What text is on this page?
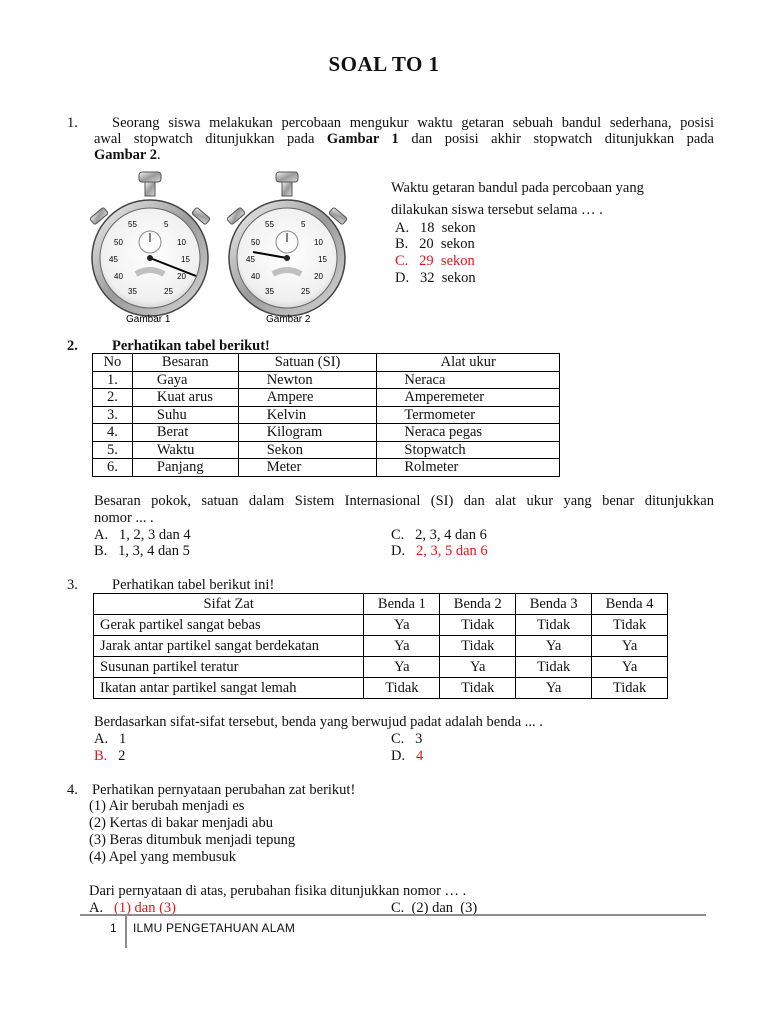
SOAL TO 1
1.	Seorang siswa melakukan percobaan mengukur waktu getaran sebuah bandul sederhana, posisi
awal stopwatch ditunjukkan pada Gambar 1 dan posisi akhir stopwatch ditunjukkan pada
Gambar 2.
55	5
50	10
45	15
40	20
35	25
55	5
50	10
45	15
40	20
35	25
Gambar 1	Gambar 2
Waktu getaran bandul pada percobaan yang
dilakukan siswa tersebut selama … .
A. 18  sekon
B. 20  sekon
C. 29  sekon
D. 32  sekon
2. Perhatikan tabel berikut!
No	Besaran	Satuan (SI)	Alat ukur
1.	Gaya	Newton	Neraca
2.	Kuat arus	Ampere	Amperemeter
3.	Suhu	Kelvin	Termometer
4.	Berat	Kilogram	Neraca pegas
5.	Waktu	Sekon	Stopwatch
6.	Panjang	Meter	Rolmeter
Besaran pokok, satuan dalam Sistem Internasional (SI) dan alat ukur yang benar ditunjukkan
nomor ... .
A. 1, 2, 3 dan 4
B. 1, 3, 4 dan 5
C. 2, 3, 4 dan 6
D. 2, 3, 5 dan 6
3. Perhatikan tabel berikut ini!
Sifat Zat	Benda 1	Benda 2	Benda 3	Benda 4
Gerak partikel sangat bebas	Ya	Tidak	Tidak	Tidak
Jarak antar partikel sangat berdekatan	Ya	Tidak	Ya	Ya
Susunan partikel teratur	Ya	Ya	Tidak	Ya
Ikatan antar partikel sangat lemah	Tidak	Tidak	Ya	Tidak
Berdasarkan sifat-sifat tersebut, benda yang berwujud padat adalah benda ... .
A. 1
B. 2
C. 3
D. 4
4. Perhatikan pernyataan perubahan zat berikut!
(1) Air berubah menjadi es
(2) Kertas di bakar menjadi abu
(3) Beras ditumbuk menjadi tepung
(4) Apel yang membusuk
Dari pernyataan di atas, perubahan fisika ditunjukkan nomor … .
A. (1) dan (3)	C. (2) dan  (3)
1 ILMU PENGETAHUAN ALAM
